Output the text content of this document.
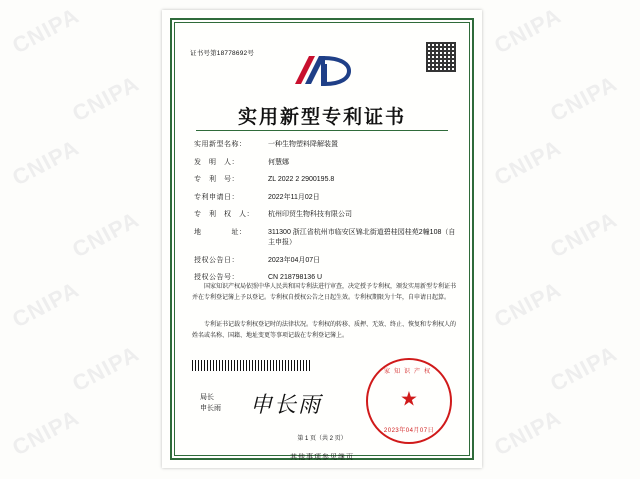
CNIPA
CNIPA
CNIPA
CNIPA
CNIPA
CNIPA
CNIPA
CNIPA
CNIPA
CNIPA
CNIPA
CNIPA
CNIPA
CNIPA
证书号第18778692号
实用新型专利证书
实用新型名称：	一种生物塑料降解装置
发　明　人：	何慧娜
专　利　号：	ZL 2022 2 2900195.8
专利申请日：	2022年11月02日
专　利　权　人：	杭州印贸生物科技有限公司
地　　　　址：	311300 浙江省杭州市临安区锦北街道碧桂园桂苑2幢108（自主申报）
授权公告日：	2023年04月07日
授权公告号：	CN 218798136 U
国家知识产权局依照中华人民共和国专利法进行审查，决定授予专利权，颁发实用新型专利证书并在专利登记簿上予以登记。专利权自授权公告之日起生效。专利权期限为十年，自申请日起算。
专利证书记载专利权登记时的法律状况。专利权的转移、质押、无效、终止、恢复和专利权人的姓名或名称、国籍、地址变更等事项记载在专利登记簿上。
局长
申长雨 申长雨
家知识产权
★
2023年04月07日
第 1 页（共 2 页）
其他事项参见继页
